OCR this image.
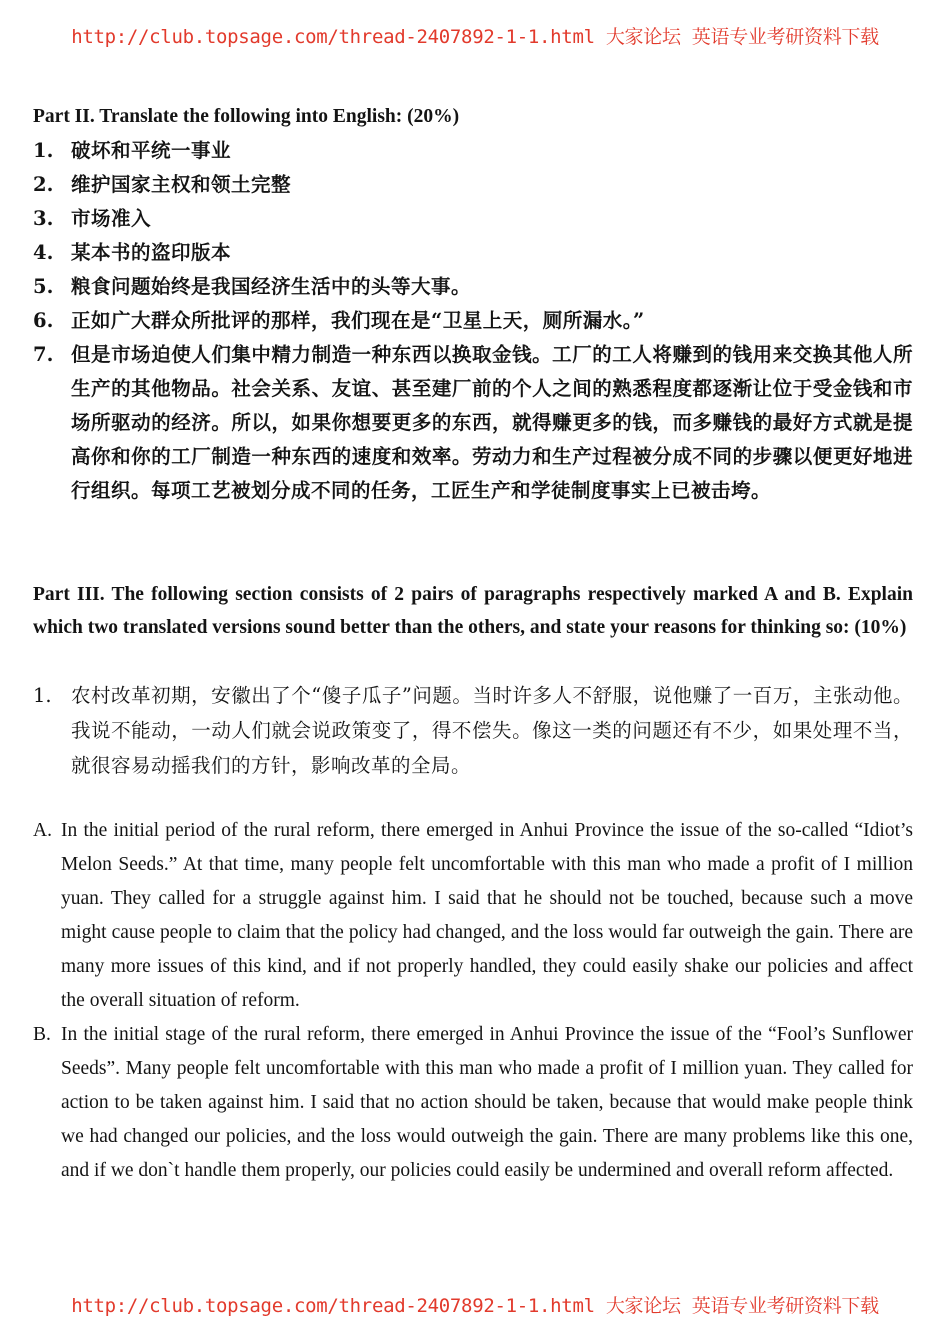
http://club.topsage.com/thread-2407892-1-1.html 大家论坛 英语专业考研资料下载
Part II. Translate the following into English: (20%)
1. 破坏和平统一事业
2. 维护国家主权和领土完整
3. 市场准入
4. 某本书的盗印版本
5. 粮食问题始终是我国经济生活中的头等大事。
6. 正如广大群众所批评的那样，我们现在是“卫星上天，厕所漏水。”
7. 但是市场迫使人们集中精力制造一种东西以换取金钱。工厂的工人将赚到的钱用来交换其他人所生产的其他物品。社会关系、友谊、甚至建厂前的个人之间的熟悉程度都逐渐让位于受金钱和市场所驱动的经济。所以，如果你想要更多的东西，就得赚更多的钱，而多赚钱的最好方式就是提高你和你的工厂制造一种东西的速度和效率。劳动力和生产过程被分成不同的步骤以便更好地进行组织。每项工艺被划分成不同的任务，工匠生产和学徒制度事实上已被击垮。
Part III. The following section consists of 2 pairs of paragraphs respectively marked A and B. Explain which two translated versions sound better than the others, and state your reasons for thinking so: (10%)
1. 农村改革初期，安徽出了个“傻子瓜子”问题。当时许多人不舒服，说他赚了一百万，主张动他。我说不能动，一动人们就会说政策变了，得不偿失。像这一类的问题还有不少，如果处理不当，就很容易动摇我们的方针，影响改革的全局。
A. In the initial period of the rural reform, there emerged in Anhui Province the issue of the so-called “Idiot’s Melon Seeds.” At that time, many people felt uncomfortable with this man who made a profit of I million yuan. They called for a struggle against him. I said that he should not be touched, because such a move might cause people to claim that the policy had changed, and the loss would far outweigh the gain. There are many more issues of this kind, and if not properly handled, they could easily shake our policies and affect the overall situation of reform.
B. In the initial stage of the rural reform, there emerged in Anhui Province the issue of the “Fool’s Sunflower Seeds”. Many people felt uncomfortable with this man who made a profit of I million yuan. They called for action to be taken against him. I said that no action should be taken, because that would make people think we had changed our policies, and the loss would outweigh the gain. There are many problems like this one, and if we don`t handle them properly, our policies could easily be undermined and overall reform affected.
http://club.topsage.com/thread-2407892-1-1.html 大家论坛 英语专业考研资料下载
